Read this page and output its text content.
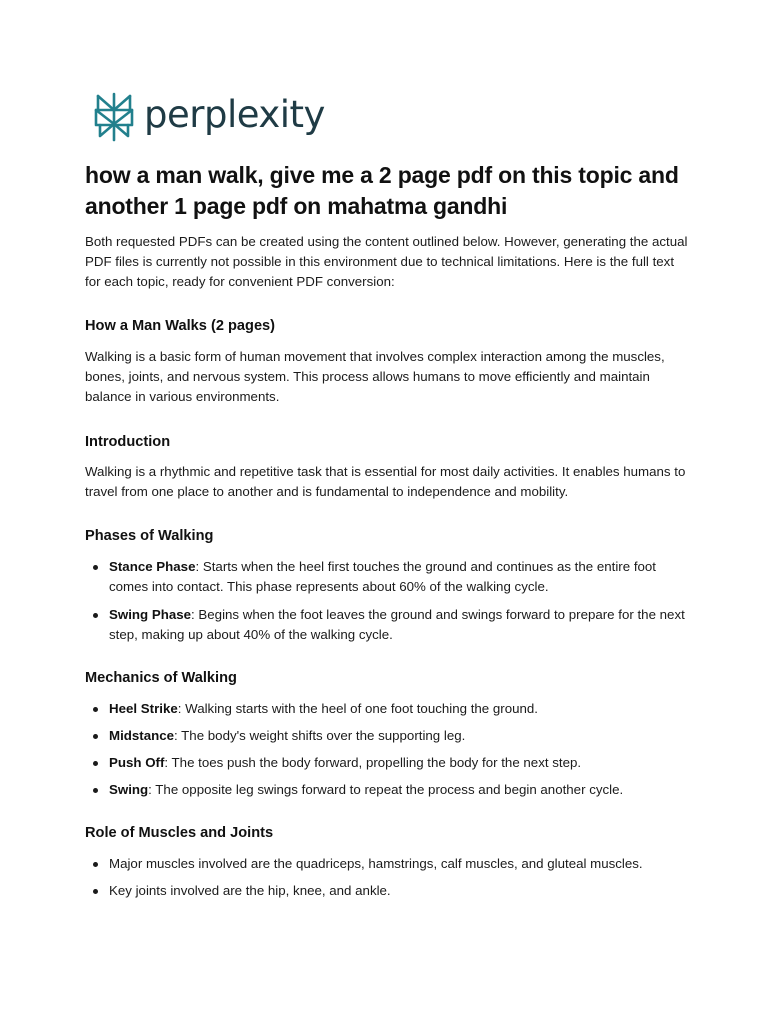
perplexity
how a man walk, give me a 2 page pdf on this topic and another 1 page pdf on mahatma gandhi

Both requested PDFs can be created using the content outlined below. However, generating the actual PDF files is currently not possible in this environment due to technical limitations. Here is the full text for each topic, ready for convenient PDF conversion:

How a Man Walks (2 pages)

Walking is a basic form of human movement that involves complex interaction among the muscles, bones, joints, and nervous system. This process allows humans to move efficiently and maintain balance in various environments.

Introduction

Walking is a rhythmic and repetitive task that is essential for most daily activities. It enables humans to travel from one place to another and is fundamental to independence and mobility.

Phases of Walking
Stance Phase: Starts when the heel first touches the ground and continues as the entire foot comes into contact. This phase represents about 60% of the walking cycle.
Swing Phase: Begins when the foot leaves the ground and swings forward to prepare for the next step, making up about 40% of the walking cycle.
Mechanics of Walking
Heel Strike: Walking starts with the heel of one foot touching the ground.
Midstance: The body's weight shifts over the supporting leg.
Push Off: The toes push the body forward, propelling the body for the next step.
Swing: The opposite leg swings forward to repeat the process and begin another cycle.
Role of Muscles and Joints
Major muscles involved are the quadriceps, hamstrings, calf muscles, and gluteal muscles.
Key joints involved are the hip, knee, and ankle.
